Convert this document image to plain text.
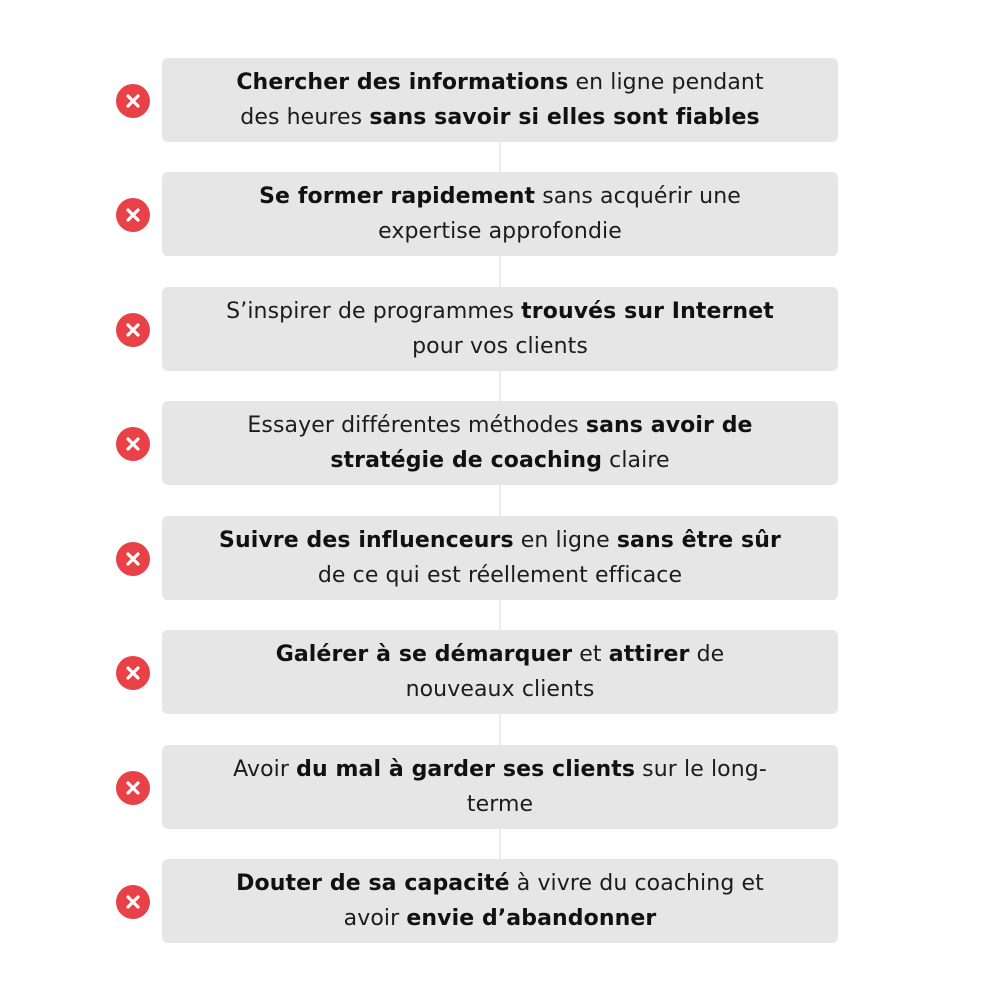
Chercher des informations en ligne pendant
des heures sans savoir si elles sont fiables
Se former rapidement sans acquérir une
expertise approfondie
S’inspirer de programmes trouvés sur Internet
pour vos clients
Essayer différentes méthodes sans avoir de
stratégie de coaching claire
Suivre des influenceurs en ligne sans être sûr
de ce qui est réellement efficace
Galérer à se démarquer et attirer de
nouveaux clients
Avoir du mal à garder ses clients sur le long-
terme
Douter de sa capacité à vivre du coaching et
avoir envie d’abandonner
